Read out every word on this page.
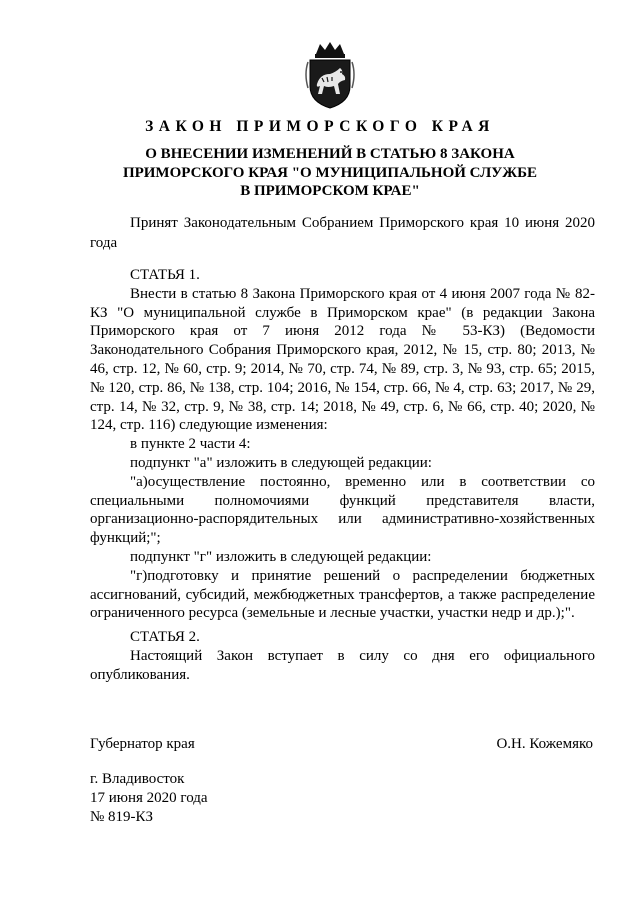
ЗАКОН ПРИМОРСКОГО КРАЯ
О ВНЕСЕНИИ ИЗМЕНЕНИЙ В СТАТЬЮ 8 ЗАКОНА
ПРИМОРСКОГО КРАЯ "О МУНИЦИПАЛЬНОЙ СЛУЖБЕ
В ПРИМОРСКОМ КРАЕ"

Принят Законодательным Собранием Приморского края 10 июня 2020 года

СТАТЬЯ 1.

Внести в статью 8 Закона Приморского края от 4 июня 2007 года № 82-КЗ "О муниципальной службе в Приморском крае" (в редакции Закона Приморского края от 7 июня 2012 года № 53-КЗ) (Ведомости Законодательного Собрания Приморского края, 2012, № 15, стр. 80; 2013, № 46, стр. 12, № 60, стр. 9; 2014, № 70, стр. 74, № 89, стр. 3, № 93, стр. 65; 2015, № 120, стр. 86, № 138, стр. 104; 2016, № 154, стр. 66, № 4, стр. 63; 2017, № 29, стр. 14, № 32, стр. 9, № 38, стр. 14; 2018, № 49, стр. 6, № 66, стр. 40; 2020, № 124, стр. 116) следующие изменения:

в пункте 2 части 4:

подпункт "а" изложить в следующей редакции:

"а)осуществление постоянно, временно или в соответствии со специальными полномочиями функций представителя власти, организационно-распорядительных или административно-хозяйственных функций;";

подпункт "г" изложить в следующей редакции:

"г)подготовку и принятие решений о распределении бюджетных ассигнований, субсидий, межбюджетных трансфертов, а также распределение ограниченного ресурса (земельные и лесные участки, участки недр и др.);".

СТАТЬЯ 2.

Настоящий Закон вступает в силу со дня его официального опубликования.

Губернатор края	О.Н. Кожемяко

г. Владивосток
17 июня 2020 года
№ 819-КЗ
